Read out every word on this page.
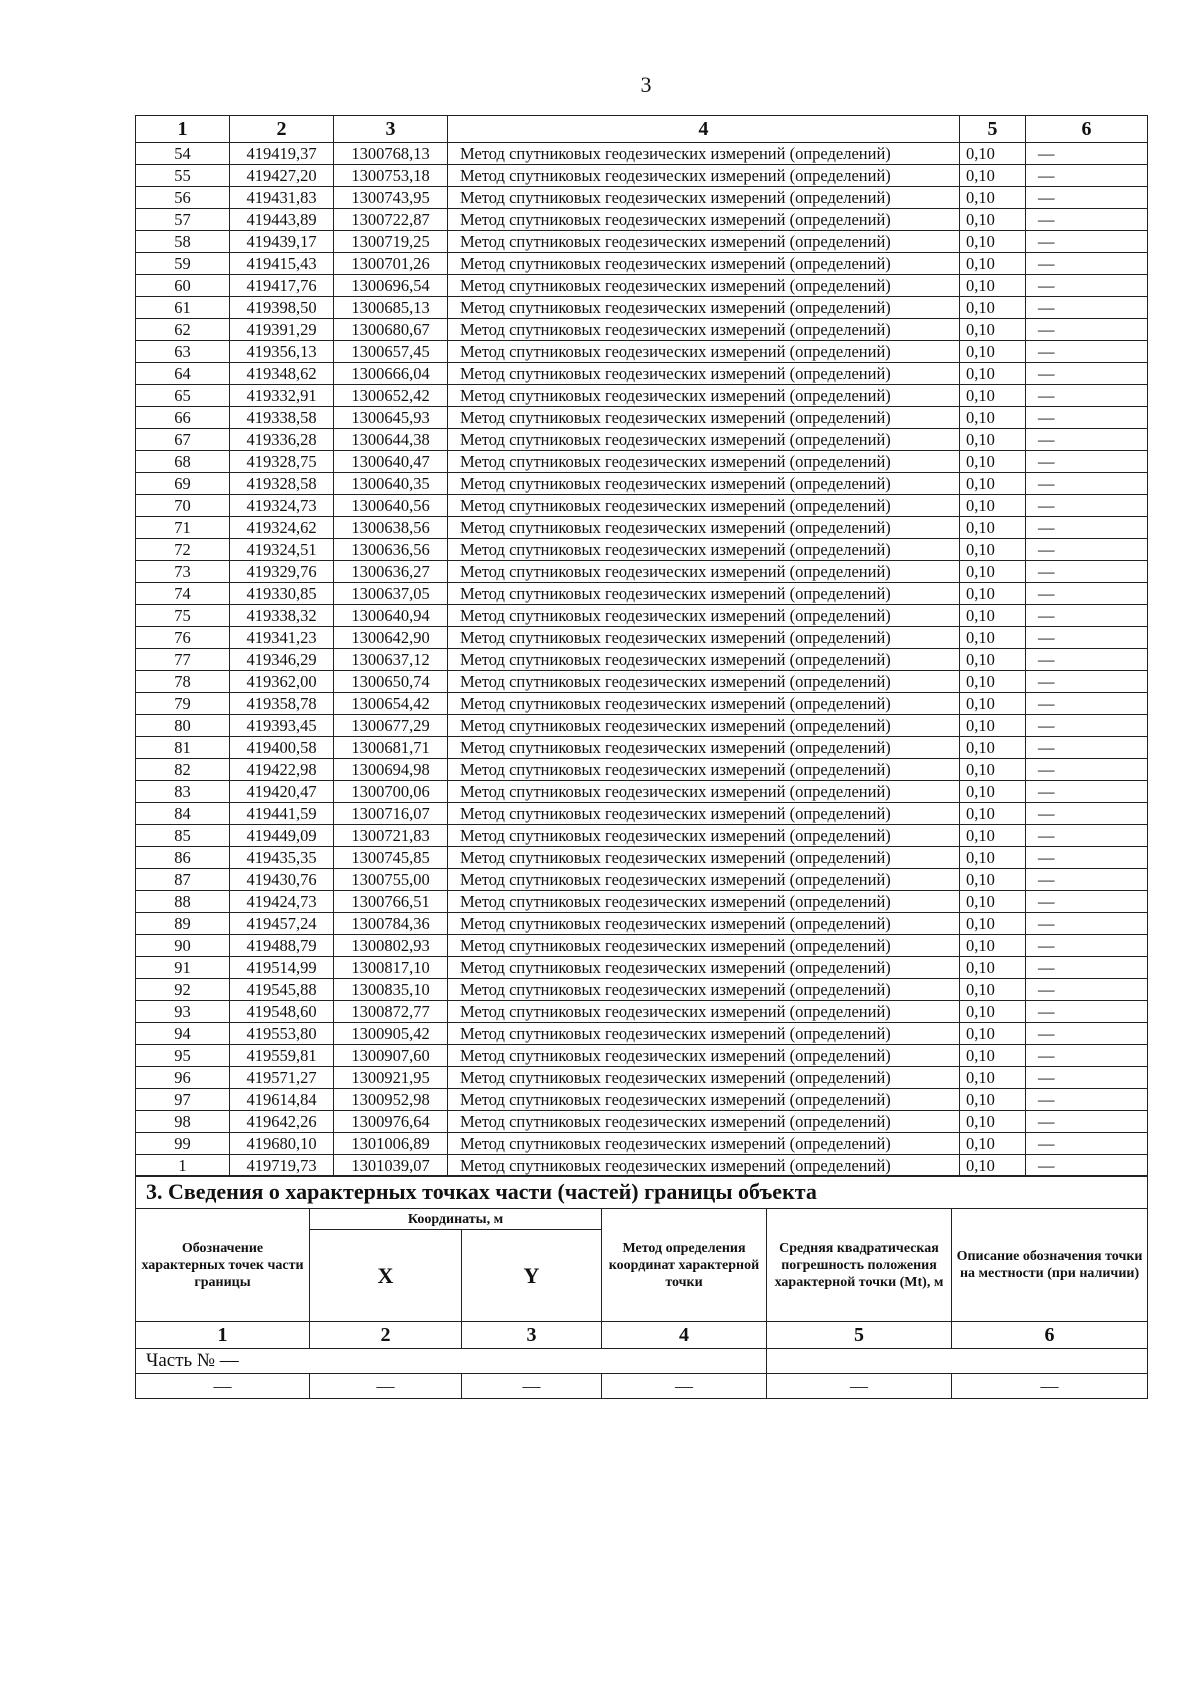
3
1	2	3	4	5	6
54	419419,37	1300768,13	Метод спутниковых геодезических измерений (определений)	0,10	—
55	419427,20	1300753,18	Метод спутниковых геодезических измерений (определений)	0,10	—
56	419431,83	1300743,95	Метод спутниковых геодезических измерений (определений)	0,10	—
57	419443,89	1300722,87	Метод спутниковых геодезических измерений (определений)	0,10	—
58	419439,17	1300719,25	Метод спутниковых геодезических измерений (определений)	0,10	—
59	419415,43	1300701,26	Метод спутниковых геодезических измерений (определений)	0,10	—
60	419417,76	1300696,54	Метод спутниковых геодезических измерений (определений)	0,10	—
61	419398,50	1300685,13	Метод спутниковых геодезических измерений (определений)	0,10	—
62	419391,29	1300680,67	Метод спутниковых геодезических измерений (определений)	0,10	—
63	419356,13	1300657,45	Метод спутниковых геодезических измерений (определений)	0,10	—
64	419348,62	1300666,04	Метод спутниковых геодезических измерений (определений)	0,10	—
65	419332,91	1300652,42	Метод спутниковых геодезических измерений (определений)	0,10	—
66	419338,58	1300645,93	Метод спутниковых геодезических измерений (определений)	0,10	—
67	419336,28	1300644,38	Метод спутниковых геодезических измерений (определений)	0,10	—
68	419328,75	1300640,47	Метод спутниковых геодезических измерений (определений)	0,10	—
69	419328,58	1300640,35	Метод спутниковых геодезических измерений (определений)	0,10	—
70	419324,73	1300640,56	Метод спутниковых геодезических измерений (определений)	0,10	—
71	419324,62	1300638,56	Метод спутниковых геодезических измерений (определений)	0,10	—
72	419324,51	1300636,56	Метод спутниковых геодезических измерений (определений)	0,10	—
73	419329,76	1300636,27	Метод спутниковых геодезических измерений (определений)	0,10	—
74	419330,85	1300637,05	Метод спутниковых геодезических измерений (определений)	0,10	—
75	419338,32	1300640,94	Метод спутниковых геодезических измерений (определений)	0,10	—
76	419341,23	1300642,90	Метод спутниковых геодезических измерений (определений)	0,10	—
77	419346,29	1300637,12	Метод спутниковых геодезических измерений (определений)	0,10	—
78	419362,00	1300650,74	Метод спутниковых геодезических измерений (определений)	0,10	—
79	419358,78	1300654,42	Метод спутниковых геодезических измерений (определений)	0,10	—
80	419393,45	1300677,29	Метод спутниковых геодезических измерений (определений)	0,10	—
81	419400,58	1300681,71	Метод спутниковых геодезических измерений (определений)	0,10	—
82	419422,98	1300694,98	Метод спутниковых геодезических измерений (определений)	0,10	—
83	419420,47	1300700,06	Метод спутниковых геодезических измерений (определений)	0,10	—
84	419441,59	1300716,07	Метод спутниковых геодезических измерений (определений)	0,10	—
85	419449,09	1300721,83	Метод спутниковых геодезических измерений (определений)	0,10	—
86	419435,35	1300745,85	Метод спутниковых геодезических измерений (определений)	0,10	—
87	419430,76	1300755,00	Метод спутниковых геодезических измерений (определений)	0,10	—
88	419424,73	1300766,51	Метод спутниковых геодезических измерений (определений)	0,10	—
89	419457,24	1300784,36	Метод спутниковых геодезических измерений (определений)	0,10	—
90	419488,79	1300802,93	Метод спутниковых геодезических измерений (определений)	0,10	—
91	419514,99	1300817,10	Метод спутниковых геодезических измерений (определений)	0,10	—
92	419545,88	1300835,10	Метод спутниковых геодезических измерений (определений)	0,10	—
93	419548,60	1300872,77	Метод спутниковых геодезических измерений (определений)	0,10	—
94	419553,80	1300905,42	Метод спутниковых геодезических измерений (определений)	0,10	—
95	419559,81	1300907,60	Метод спутниковых геодезических измерений (определений)	0,10	—
96	419571,27	1300921,95	Метод спутниковых геодезических измерений (определений)	0,10	—
97	419614,84	1300952,98	Метод спутниковых геодезических измерений (определений)	0,10	—
98	419642,26	1300976,64	Метод спутниковых геодезических измерений (определений)	0,10	—
99	419680,10	1301006,89	Метод спутниковых геодезических измерений (определений)	0,10	—
1	419719,73	1301039,07	Метод спутниковых геодезических измерений (определений)	0,10	—
3. Сведения о характерных точках части (частей) границы объекта					
Обозначение характерных точек части границы	Координаты, м		Метод определения координат характерной точки	Средняя квадратическая погрешность положения характерной точки (Mt), м	Описание обозначения точки на местности (при наличии)
	X	Y			
1	2	3	4	5	6
Часть № —					
—	—	—	—	—	—
